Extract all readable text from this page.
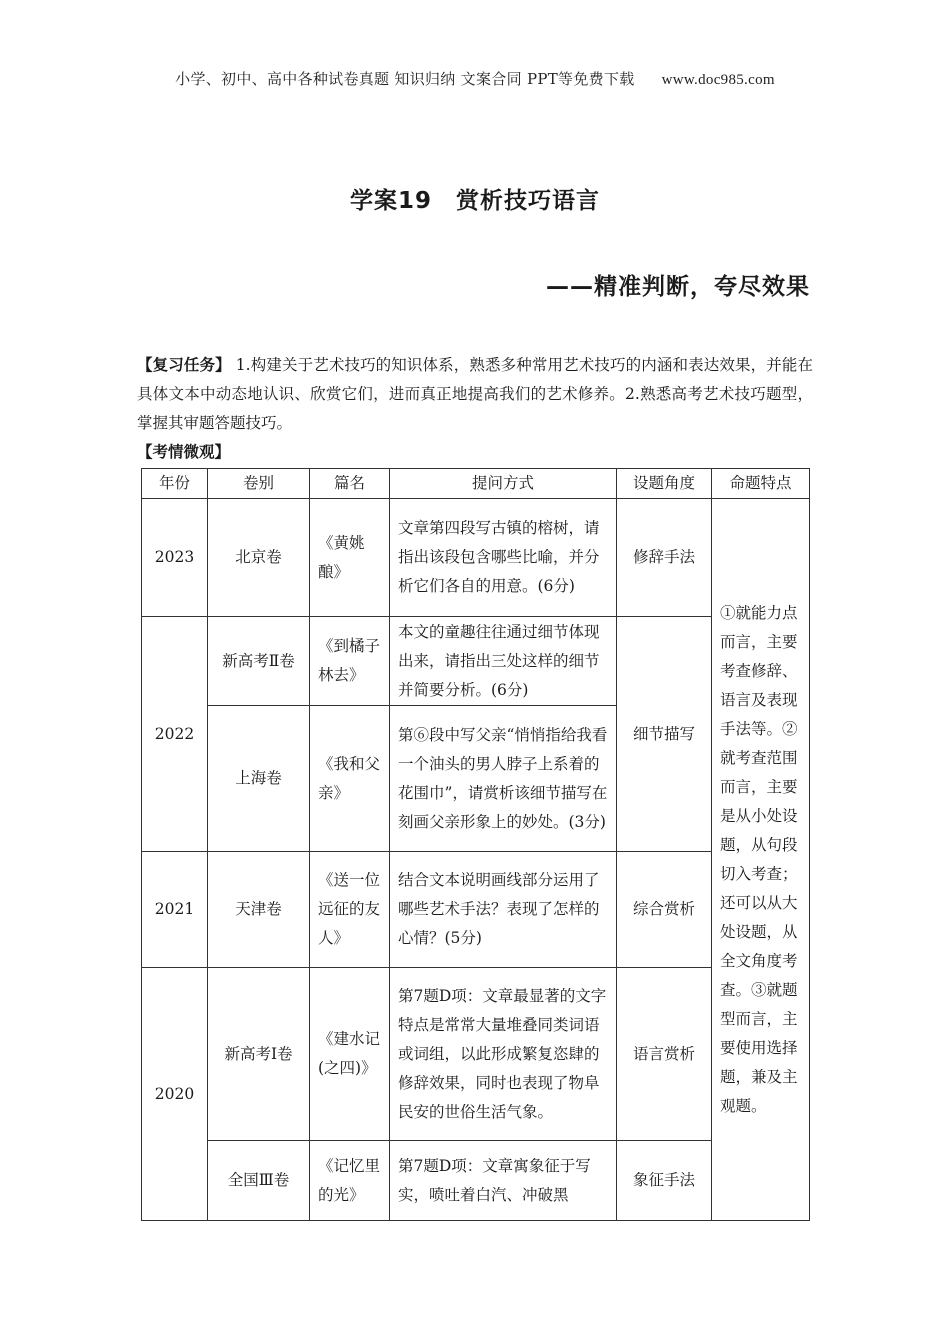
小学、初中、高中各种试卷真题 知识归纳 文案合同 PPT等免费下载 www.doc985.com
学案19　赏析技巧语言
——精准判断，夸尽效果
【复习任务】 1.构建关于艺术技巧的知识体系，熟悉多种常用艺术技巧的内涵和表达效果，并能在具体文本中动态地认识、欣赏它们，进而真正地提高我们的艺术修养。2.熟悉高考艺术技巧题型，掌握其审题答题技巧。
【考情微观】
年份	卷别	篇名	提问方式	设题角度	命题特点
2023	北京卷	《黄姚酿》	文章第四段写古镇的榕树，请指出该段包含哪些比喻，并分析它们各自的用意。(6分)	修辞手法	①就能力点而言，主要考查修辞、语言及表现手法等。②就考查范围而言，主要是从小处设题，从句段切入考查；还可以从大处设题，从全文角度考查。③就题型而言，主要使用选择题，兼及主观题。
2022	新高考Ⅱ卷	《到橘子林去》	本文的童趣往往通过细节体现出来，请指出三处这样的细节并简要分析。(6分)	细节描写	
	上海卷	《我和父亲》	第⑥段中写父亲“悄悄指给我看一个油头的男人脖子上系着的花围巾”，请赏析该细节描写在刻画父亲形象上的妙处。(3分)		
2021	天津卷	《送一位远征的友人》	结合文本说明画线部分运用了哪些艺术手法？表现了怎样的心情？(5分)	综合赏析	
2020	新高考Ⅰ卷	《建水记(之四)》	第7题D项：文章最显著的文字特点是常常大量堆叠同类词语或词组，以此形成繁复恣肆的修辞效果，同时也表现了物阜民安的世俗生活气象。	语言赏析	
	全国Ⅲ卷	《记忆里的光》	第7题D项：文章寓象征于写实，喷吐着白汽、冲破黑	象征手法	
